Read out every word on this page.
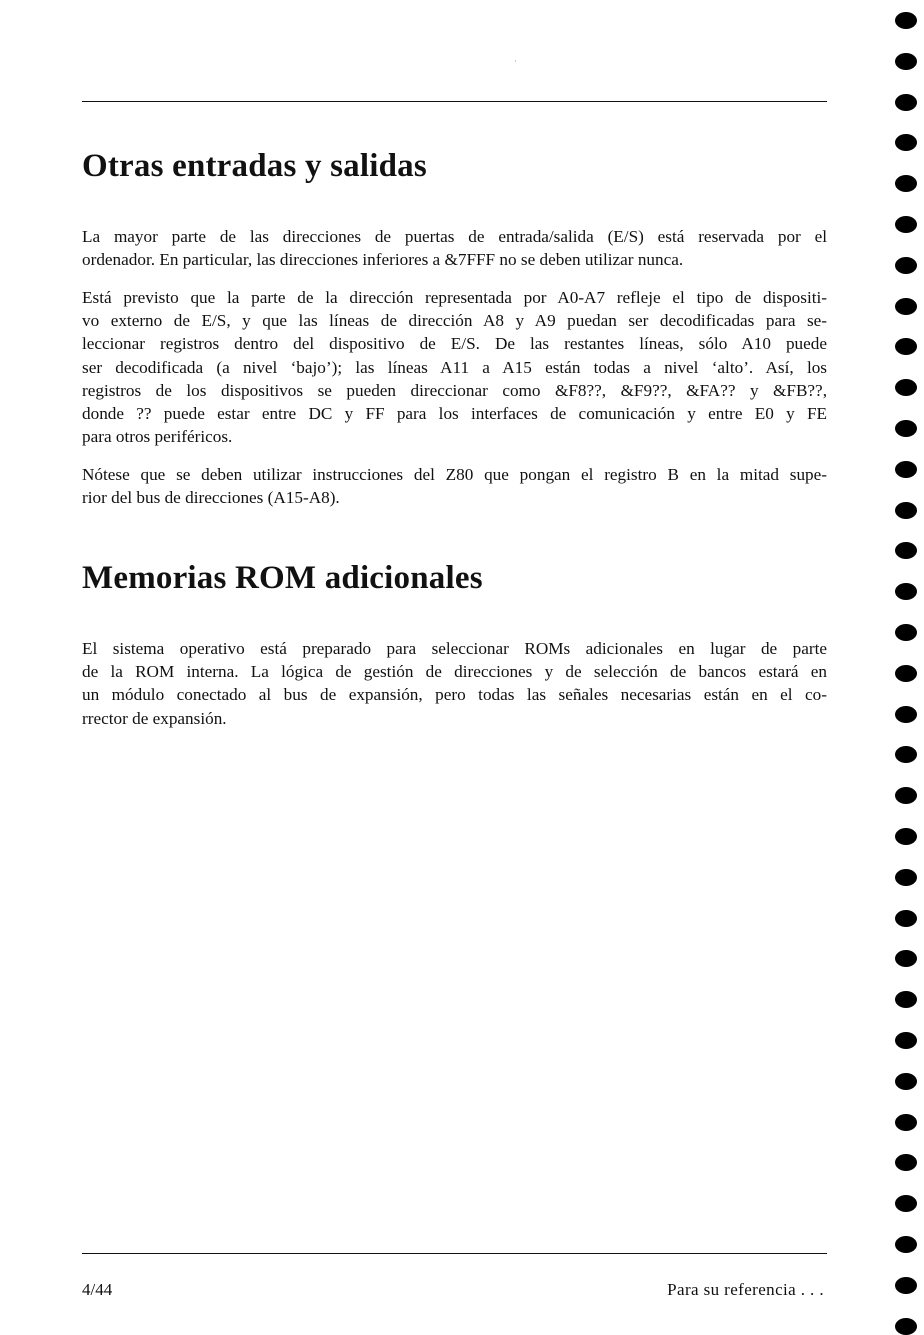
Otras entradas y salidas

La mayor parte de las direcciones de puertas de entrada/salida (E/S) está reservada por el
ordenador. En particular, las direcciones inferiores a &7FFF no se deben utilizar nunca.

Está previsto que la parte de la dirección representada por A0-A7 refleje el tipo de dispositi-
vo externo de E/S, y que las líneas de dirección A8 y A9 puedan ser decodificadas para se-
leccionar registros dentro del dispositivo de E/S. De las restantes líneas, sólo A10 puede
ser decodificada (a nivel ‘bajo’); las líneas A11 a A15 están todas a nivel ‘alto’. Así, los
registros de los dispositivos se pueden direccionar como &F8??, &F9??, &FA?? y &FB??,
donde ?? puede estar entre DC y FF para los interfaces de comunicación y entre E0 y FE
para otros periféricos.

Nótese que se deben utilizar instrucciones del Z80 que pongan el registro B en la mitad supe-
rior del bus de direcciones (A15-A8).

Memorias ROM adicionales

El sistema operativo está preparado para seleccionar ROMs adicionales en lugar de parte
de la ROM interna. La lógica de gestión de direcciones y de selección de bancos estará en
un módulo conectado al bus de expansión, pero todas las señales necesarias están en el co-
rrector de expansión.

4/44	Para su referencia . . .
